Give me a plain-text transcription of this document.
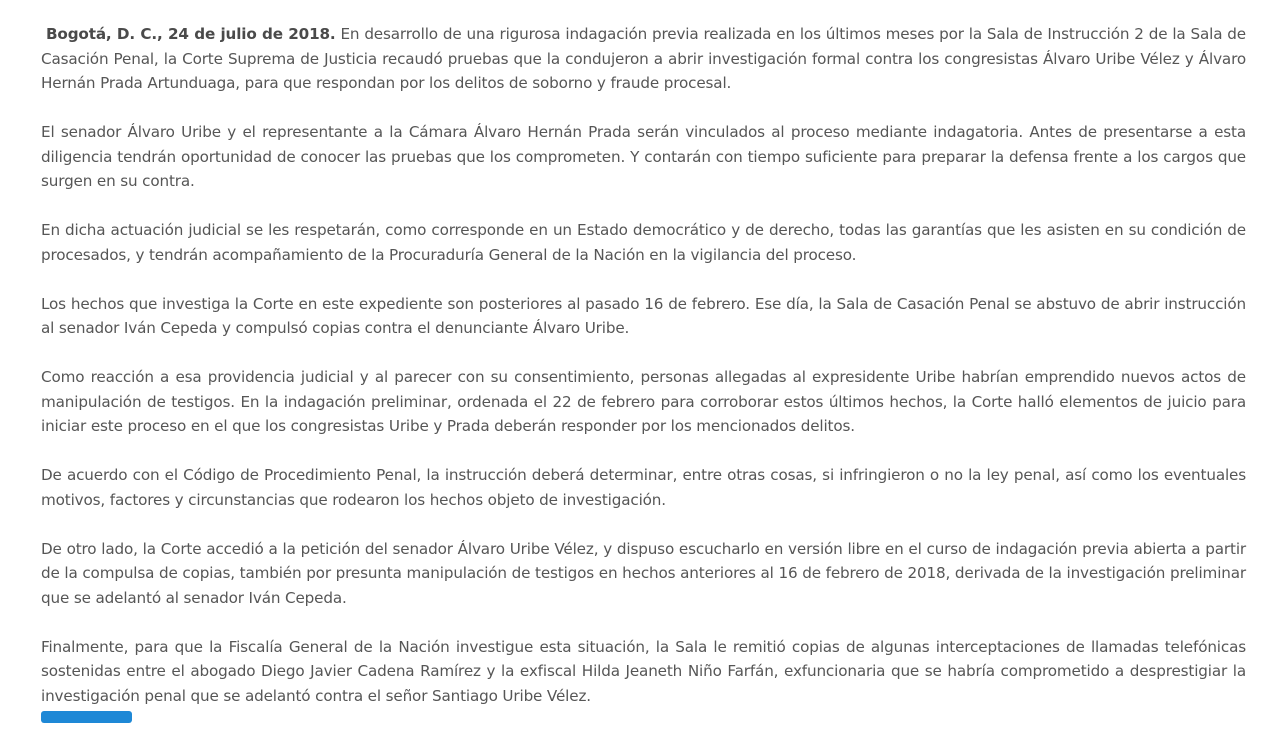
Bogotá, D. C., 24 de julio de 2018. En desarrollo de una rigurosa indagación previa realizada en los últimos meses por la Sala de Instrucción 2 de la Sala de Casación Penal, la Corte Suprema de Justicia recaudó pruebas que la condujeron a abrir investigación formal contra los congresistas Álvaro Uribe Vélez y Álvaro Hernán Prada Artunduaga, para que respondan por los delitos de soborno y fraude procesal.

El senador Álvaro Uribe y el representante a la Cámara Álvaro Hernán Prada serán vinculados al proceso mediante indagatoria. Antes de presentarse a esta diligencia tendrán oportunidad de conocer las pruebas que los comprometen. Y contarán con tiempo suficiente para preparar la defensa frente a los cargos que surgen en su contra.

En dicha actuación judicial se les respetarán, como corresponde en un Estado democrático y de derecho, todas las garantías que les asisten en su condición de procesados, y tendrán acompañamiento de la Procuraduría General de la Nación en la vigilancia del proceso.

Los hechos que investiga la Corte en este expediente son posteriores al pasado 16 de febrero. Ese día, la Sala de Casación Penal se abstuvo de abrir instrucción al senador Iván Cepeda y compulsó copias contra el denunciante Álvaro Uribe.

Como reacción a esa providencia judicial y al parecer con su consentimiento, personas allegadas al expresidente Uribe habrían emprendido nuevos actos de manipulación de testigos. En la indagación preliminar, ordenada el 22 de febrero para corroborar estos últimos hechos, la Corte halló elementos de juicio para iniciar este proceso en el que los congresistas Uribe y Prada deberán responder por los mencionados delitos.

De acuerdo con el Código de Procedimiento Penal, la instrucción deberá determinar, entre otras cosas, si infringieron o no la ley penal, así como los eventuales motivos, factores y circunstancias que rodearon los hechos objeto de investigación.

De otro lado, la Corte accedió a la petición del senador Álvaro Uribe Vélez, y dispuso escucharlo en versión libre en el curso de indagación previa abierta a partir de la compulsa de copias, también por presunta manipulación de testigos en hechos anteriores al 16 de febrero de 2018, derivada de la investigación preliminar que se adelantó al senador Iván Cepeda.

Finalmente, para que la Fiscalía General de la Nación investigue esta situación, la Sala le remitió copias de algunas interceptaciones de llamadas telefónicas sostenidas entre el abogado Diego Javier Cadena Ramírez y la exfiscal Hilda Jeaneth Niño Farfán, exfuncionaria que se habría comprometido a desprestigiar la investigación penal que se adelantó contra el señor Santiago Uribe Vélez.
